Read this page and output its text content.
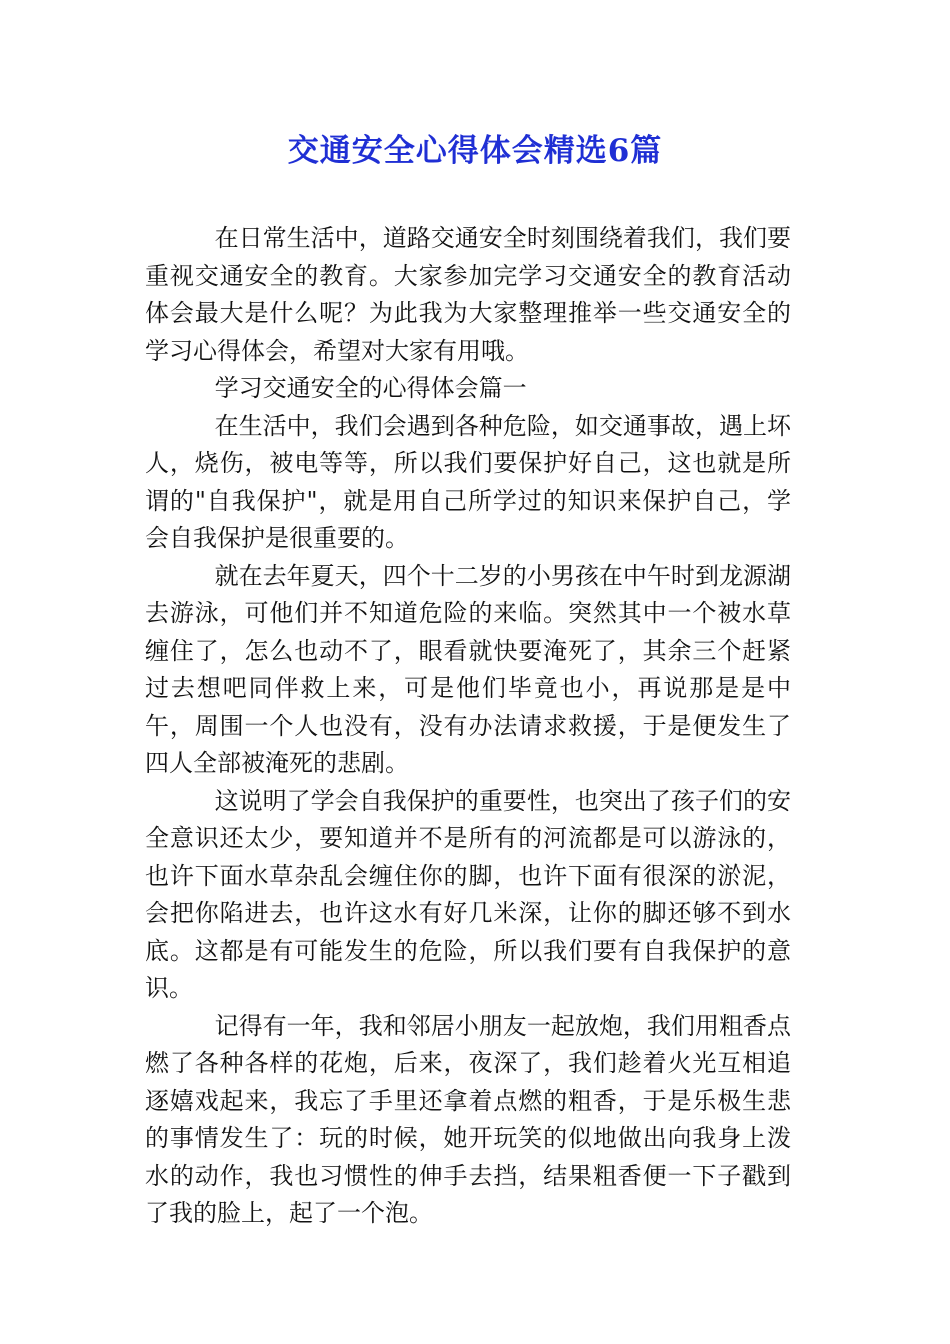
交通安全心得体会精选6篇

在日常生活中，道路交通安全时刻围绕着我们，我们要重视交通安全的教育。大家参加完学习交通安全的教育活动体会最大是什么呢？为此我为大家整理推举一些交通安全的学习心得体会，希望对大家有用哦。

学习交通安全的心得体会篇一

在生活中，我们会遇到各种危险，如交通事故，遇上坏人，烧伤，被电等等，所以我们要保护好自己，这也就是所谓的"自我保护"，就是用自己所学过的知识来保护自己，学会自我保护是很重要的。

就在去年夏天，四个十二岁的小男孩在中午时到龙源湖去游泳，可他们并不知道危险的来临。突然其中一个被水草缠住了，怎么也动不了，眼看就快要淹死了，其余三个赶紧过去想吧同伴救上来，可是他们毕竟也小，再说那是是中午，周围一个人也没有，没有办法请求救援，于是便发生了四人全部被淹死的悲剧。

这说明了学会自我保护的重要性，也突出了孩子们的安全意识还太少，要知道并不是所有的河流都是可以游泳的，也许下面水草杂乱会缠住你的脚，也许下面有很深的淤泥，会把你陷进去，也许这水有好几米深，让你的脚还够不到水底。这都是有可能发生的危险，所以我们要有自我保护的意识。

记得有一年，我和邻居小朋友一起放炮，我们用粗香点燃了各种各样的花炮，后来，夜深了，我们趁着火光互相追逐嬉戏起来，我忘了手里还拿着点燃的粗香，于是乐极生悲的事情发生了：玩的时候，她开玩笑的似地做出向我身上泼水的动作，我也习惯性的伸手去挡，结果粗香便一下子戳到了我的脸上，起了一个泡。
